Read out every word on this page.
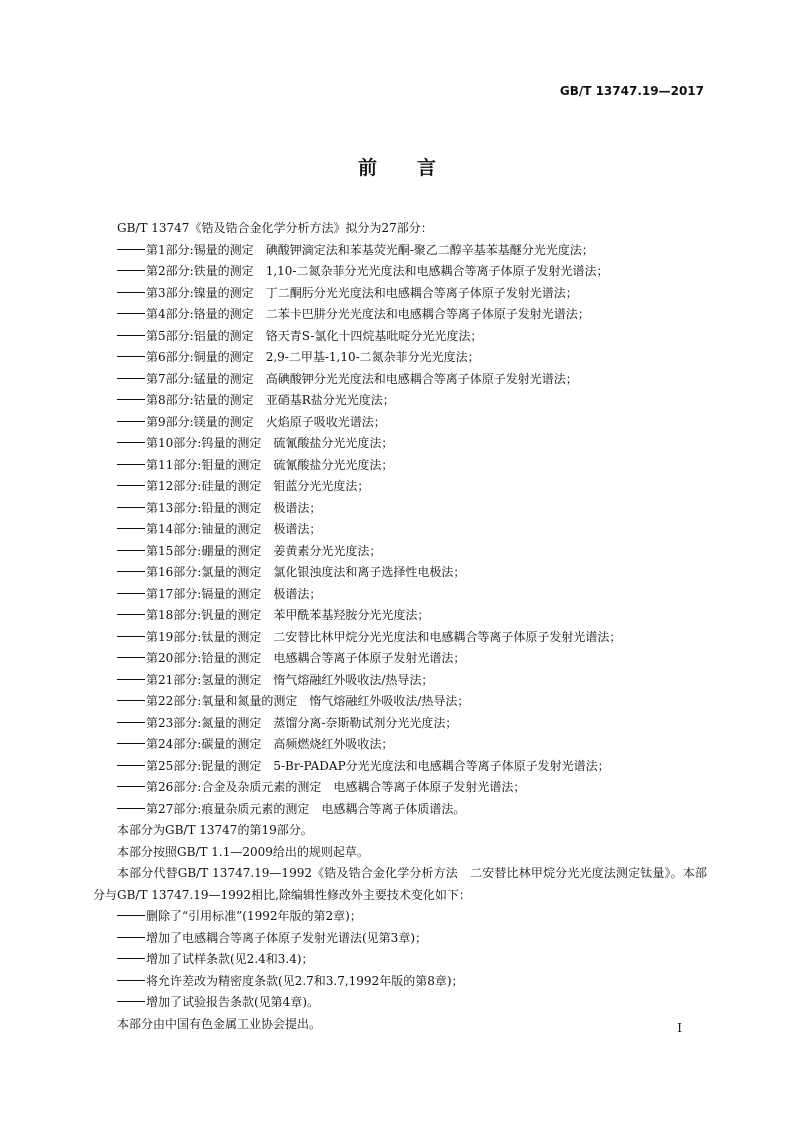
GB/T 13747.19—2017
前言
GB/T 13747《锆及锆合金化学分析方法》拟分为27部分：
第1部分:锡量的测定　 碘酸钾滴定法和苯基荧光酮-聚乙二醇辛基苯基醚分光光度法；
第2部分:铁量的测定　 1,10-二氮杂菲分光光度法和电感耦合等离子体原子发射光谱法；
第3部分:镍量的测定　 丁二酮肟分光光度法和电感耦合等离子体原子发射光谱法；
第4部分:铬量的测定　 二苯卡巴肼分光光度法和电感耦合等离子体原子发射光谱法；
第5部分:铝量的测定　 铬天青S-氯化十四烷基吡啶分光光度法；
第6部分:铜量的测定　 2,9-二甲基-1,10-二氮杂菲分光光度法；
第7部分:锰量的测定　 高碘酸钾分光光度法和电感耦合等离子体原子发射光谱法；
第8部分:钴量的测定　 亚硝基R盐分光光度法；
第9部分:镁量的测定　 火焰原子吸收光谱法；
第10部分:钨量的测定　 硫氰酸盐分光光度法；
第11部分:钼量的测定　 硫氰酸盐分光光度法；
第12部分:硅量的测定　 钼蓝分光光度法；
第13部分:铅量的测定　 极谱法；
第14部分:铀量的测定　 极谱法；
第15部分:硼量的测定　 姜黄素分光光度法；
第16部分:氯量的测定　 氯化银浊度法和离子选择性电极法；
第17部分:镉量的测定　 极谱法；
第18部分:钒量的测定　 苯甲酰苯基羟胺分光光度法；
第19部分:钛量的测定　 二安替比林甲烷分光光度法和电感耦合等离子体原子发射光谱法；
第20部分:铪量的测定　 电感耦合等离子体原子发射光谱法；
第21部分:氢量的测定　 惰气熔融红外吸收法/热导法；
第22部分:氧量和氮量的测定　 惰气熔融红外吸收法/热导法；
第23部分:氮量的测定　 蒸馏分离-奈斯勒试剂分光光度法；
第24部分:碳量的测定　 高频燃烧红外吸收法；
第25部分:铌量的测定　 5-Br-PADAP分光光度法和电感耦合等离子体原子发射光谱法；
第26部分:合金及杂质元素的测定　 电感耦合等离子体原子发射光谱法；
第27部分:痕量杂质元素的测定　 电感耦合等离子体质谱法。
本部分为GB/T 13747的第19部分。
本部分按照GB/T 1.1—2009给出的规则起草。
本部分代替GB/T 13747.19—1992《锆及锆合金化学分析方法　二安替比林甲烷分光光度法测定钛量》。本部分与GB/T 13747.19—1992相比,除编辑性修改外主要技术变化如下：
删除了“引用标准”(1992年版的第2章)；
增加了电感耦合等离子体原子发射光谱法(见第3章)；
增加了试样条款(见2.4和3.4)；
将允许差改为精密度条款(见2.7和3.7,1992年版的第8章)；
增加了试验报告条款(见第4章)。
本部分由中国有色金属工业协会提出。	I
